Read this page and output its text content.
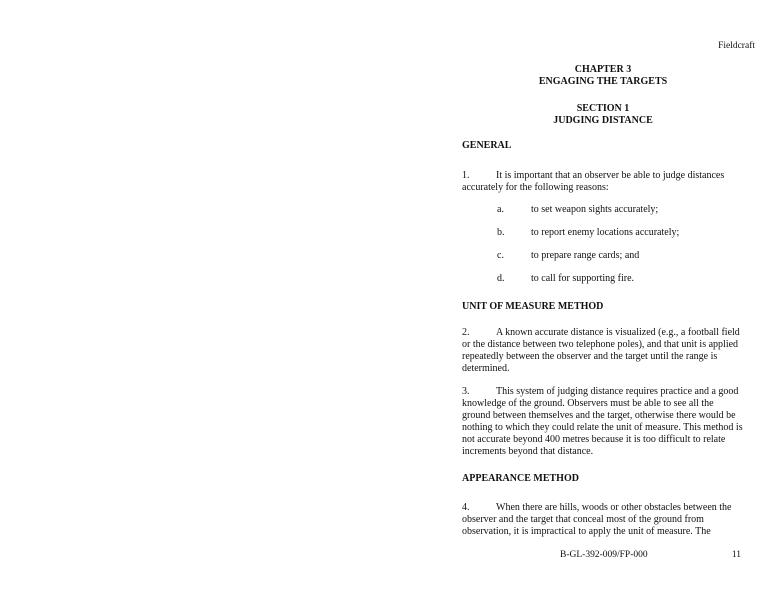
Fieldcraft
CHAPTER 3
ENGAGING THE TARGETS
SECTION 1
JUDGING DISTANCE
GENERAL
1.	It is important that an observer be able to judge distances accurately for the following reasons:
a.	to set weapon sights accurately;
b.	to report enemy locations accurately;
c.	to prepare range cards; and
d.	to call for supporting fire.
UNIT OF MEASURE METHOD
2.	A known accurate distance is visualized (e.g., a football field or the distance between two telephone poles), and that unit is applied repeatedly between the observer and the target until the range is determined.
3.	This system of judging distance requires practice and a good knowledge of the ground. Observers must be able to see all the ground between themselves and the target, otherwise there would be nothing to which they could relate the unit of measure. This method is not accurate beyond 400 metres because it is too difficult to relate increments beyond that distance.
APPEARANCE METHOD
4.	When there are hills, woods or other obstacles between the observer and the target that conceal most of the ground from observation, it is impractical to apply the unit of measure. The
B-GL-392-009/FP-000	11
